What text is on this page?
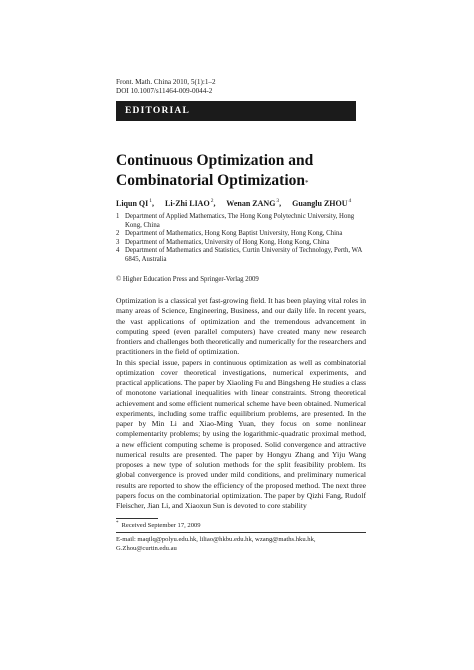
Front. Math. China 2010, 5(1):1–2
DOI 10.1007/s11464-009-0044-2
EDITORIAL
Continuous Optimization and
Combinatorial Optimization*
Liqun $QI^1$, Li-Zhi LIAO$^2$, Wenan ZANG$^3$, Guanglu ZHOU$^4$
1 Department of Applied Mathematics, The Hong Kong Polytechnic University, Hong Kong, China
2 Department of Mathematics, Hong Kong Baptist University, Hong Kong, China
3 Department of Mathematics, University of Hong Kong, Hong Kong, China
4 Department of Mathematics and Statistics, Curtin University of Technology, Perth, WA 6845, Australia
© Higher Education Press and Springer-Verlag 2009

Optimization is a classical yet fast-growing field. It has been playing vital roles in many areas of Science, Engineering, Business, and our daily life. In recent years, the vast applications of optimization and the tremendous advancement in computing speed (even parallel computers) have created many new research frontiers and challenges both theoretically and numerically for the researchers and practitioners in the field of optimization.

In this special issue, papers in continuous optimization as well as combinatorial optimization cover theoretical investigations, numerical experiments, and practical applications. The paper by Xiaoling Fu and Bingsheng He studies a class of monotone variational inequalities with linear constraints. Strong theoretical achievement and some efficient numerical scheme have been obtained. Numerical experiments, including some traffic equilibrium problems, are presented. In the paper by Min Li and Xiao-Ming Yuan, they focus on some nonlinear complementarity problems; by using the logarithmic-quadratic proximal method, a new efficient computing scheme is proposed. Solid convergence and attractive numerical results are presented. The paper by Hongyu Zhang and Yiju Wang proposes a new type of solution methods for the split feasibility problem. Its global convergence is proved under mild conditions, and preliminary numerical results are reported to show the efficiency of the proposed method. The next three papers focus on the combinatorial optimization. The paper by Qizhi Fang, Rudolf Fleischer, Jian Li, and Xiaoxun Sun is devoted to core stability

* Received September 17, 2009
E-mail: maqilq@polyu.edu.hk, liliao@hkbu.edu.hk, wzang@maths.hku.hk,
G.Zhou@curtin.edu.au
